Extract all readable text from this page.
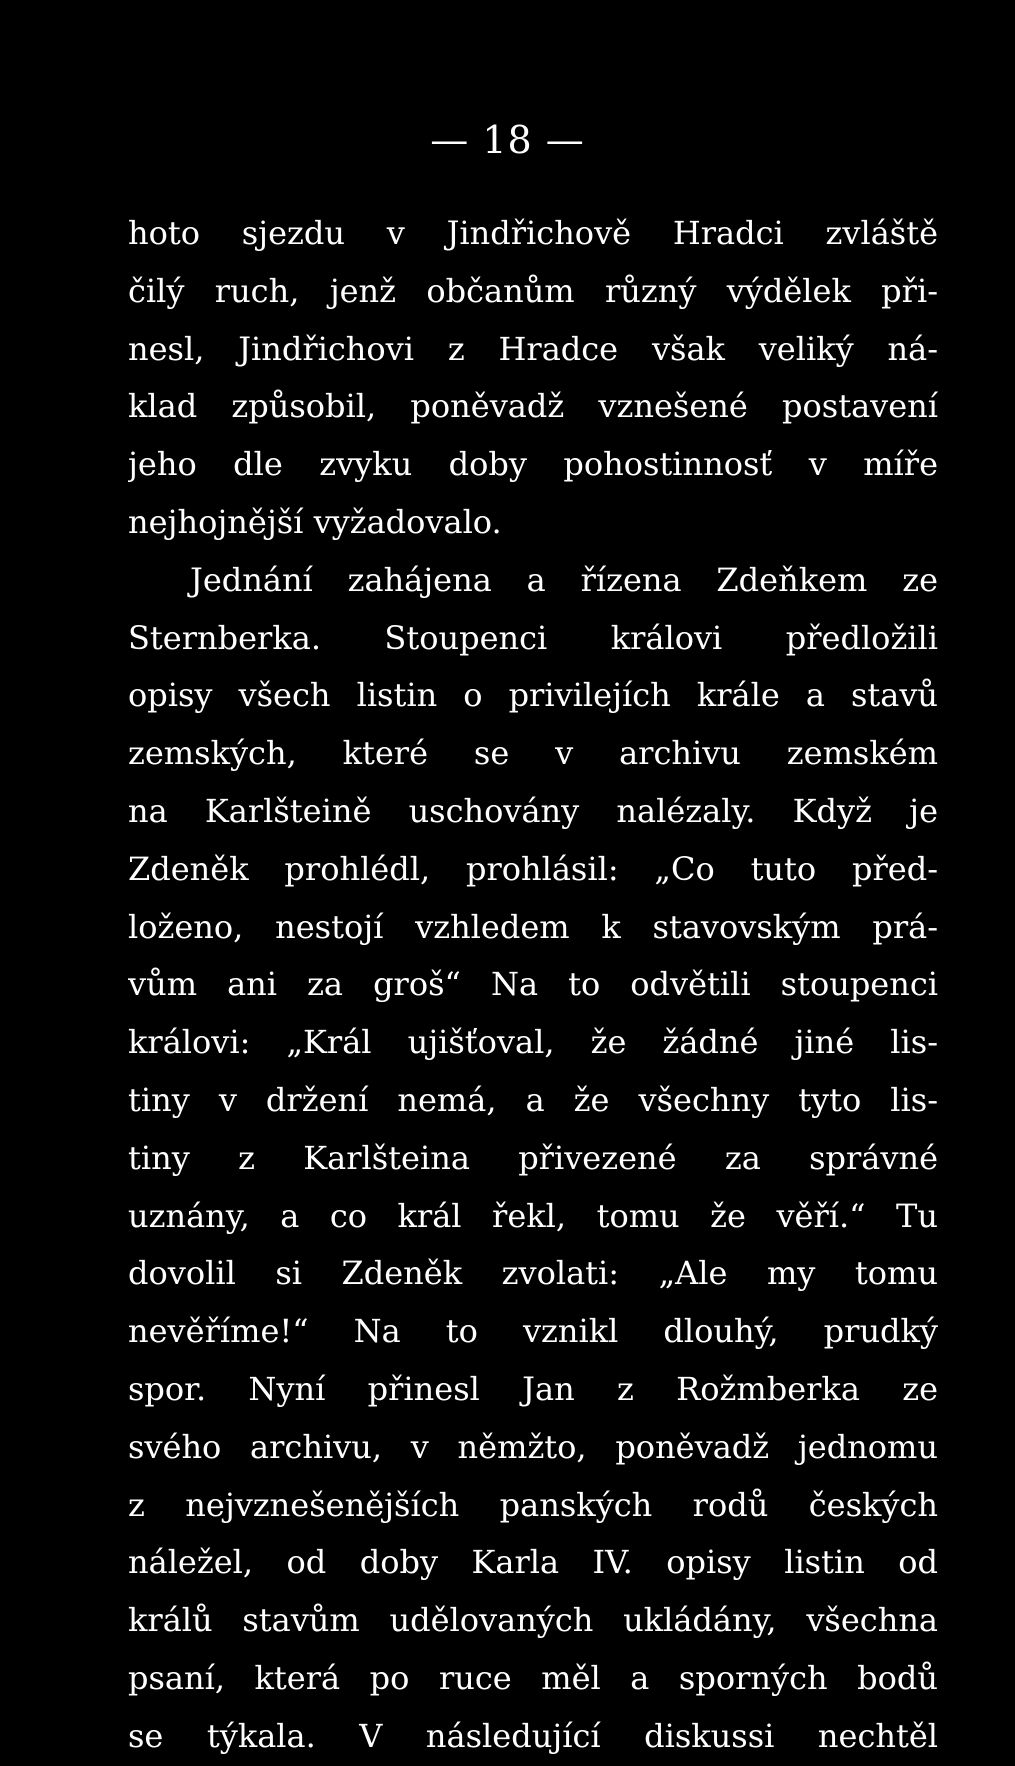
— 18 —
hoto sjezdu v Jindřichově Hradci zvláště
čilý ruch, jenž občanům různý výdělek při-
nesl, Jindřichovi z Hradce však veliký ná-
klad způsobil, poněvadž vznešené postavení
jeho dle zvyku doby pohostinnosť v míře
nejhojnější vyžadovalo.
Jednání zahájena a řízena Zdeňkem ze
Sternberka. Stoupenci královi předložili
opisy všech listin o privilejích krále a stavů
zemských, které se v archivu zemském
na Karlšteině uschovány nalézaly. Když je
Zdeněk prohlédl, prohlásil: „Co tuto před-
loženo, nestojí vzhledem k stavovským prá-
vům ani za groš“ Na to odvětili stoupenci
královi: „Král ujišťoval, že žádné jiné lis-
tiny v držení nemá, a že všechny tyto lis-
tiny z Karlšteina přivezené za správné
uznány, a co král řekl, tomu že věří.“ Tu
dovolil si Zdeněk zvolati: „Ale my tomu
nevěříme!“ Na to vznikl dlouhý, prudký
spor. Nyní přinesl Jan z Rožmberka ze
svého archivu, v němžto, poněvadž jednomu
z nejvznešenějších panských rodů českých
náležel, od doby Karla IV. opisy listin od
králů stavům udělovaných ukládány, všechna
psaní, která po ruce měl a sporných bodů
se týkala. V následující diskussi nechtěl
